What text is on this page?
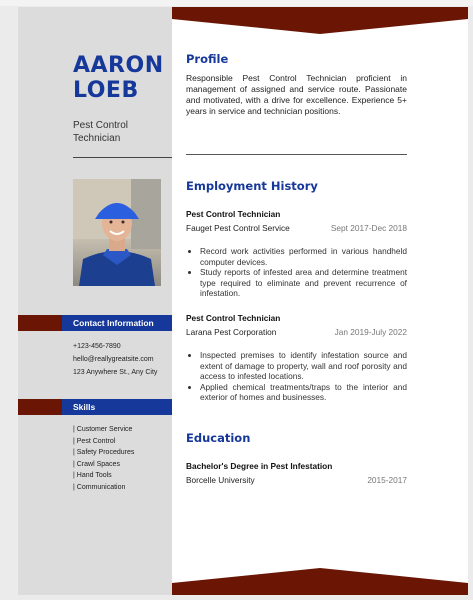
AARON
LOEB
Pest Control
Technician
Contact Information
+123-456-7890
hello@reallygreatsite.com
123 Anywhere St., Any City
Skills
| Customer Service
| Pest Control
| Safety Procedures
| Crawl Spaces
| Hand Tools
| Communication
Profile

Responsible Pest Control Technician proficient in management of assigned and service route. Passionate and motivated, with a drive for excellence. Experience 5+ years in service and technician positions.

Employment History

Pest Control Technician

Fauget Pest Control Service	Sept 2017-Dec 2018
• Record work activities performed in various handheld computer devices.
• Study reports of infested area and determine treatment type required to eliminate and prevent recurrence of infestation.

Pest Control Technician

Larana Pest Corporation	Jan 2019-July 2022
• Inspected premises to identify infestation source and extent of damage to property, wall and roof porosity and access to infested locations.
• Applied chemical treatments/traps to the interior and exterior of homes and businesses.
Education

Bachelor's Degree in Pest Infestation

Borcelle University	2015-2017
